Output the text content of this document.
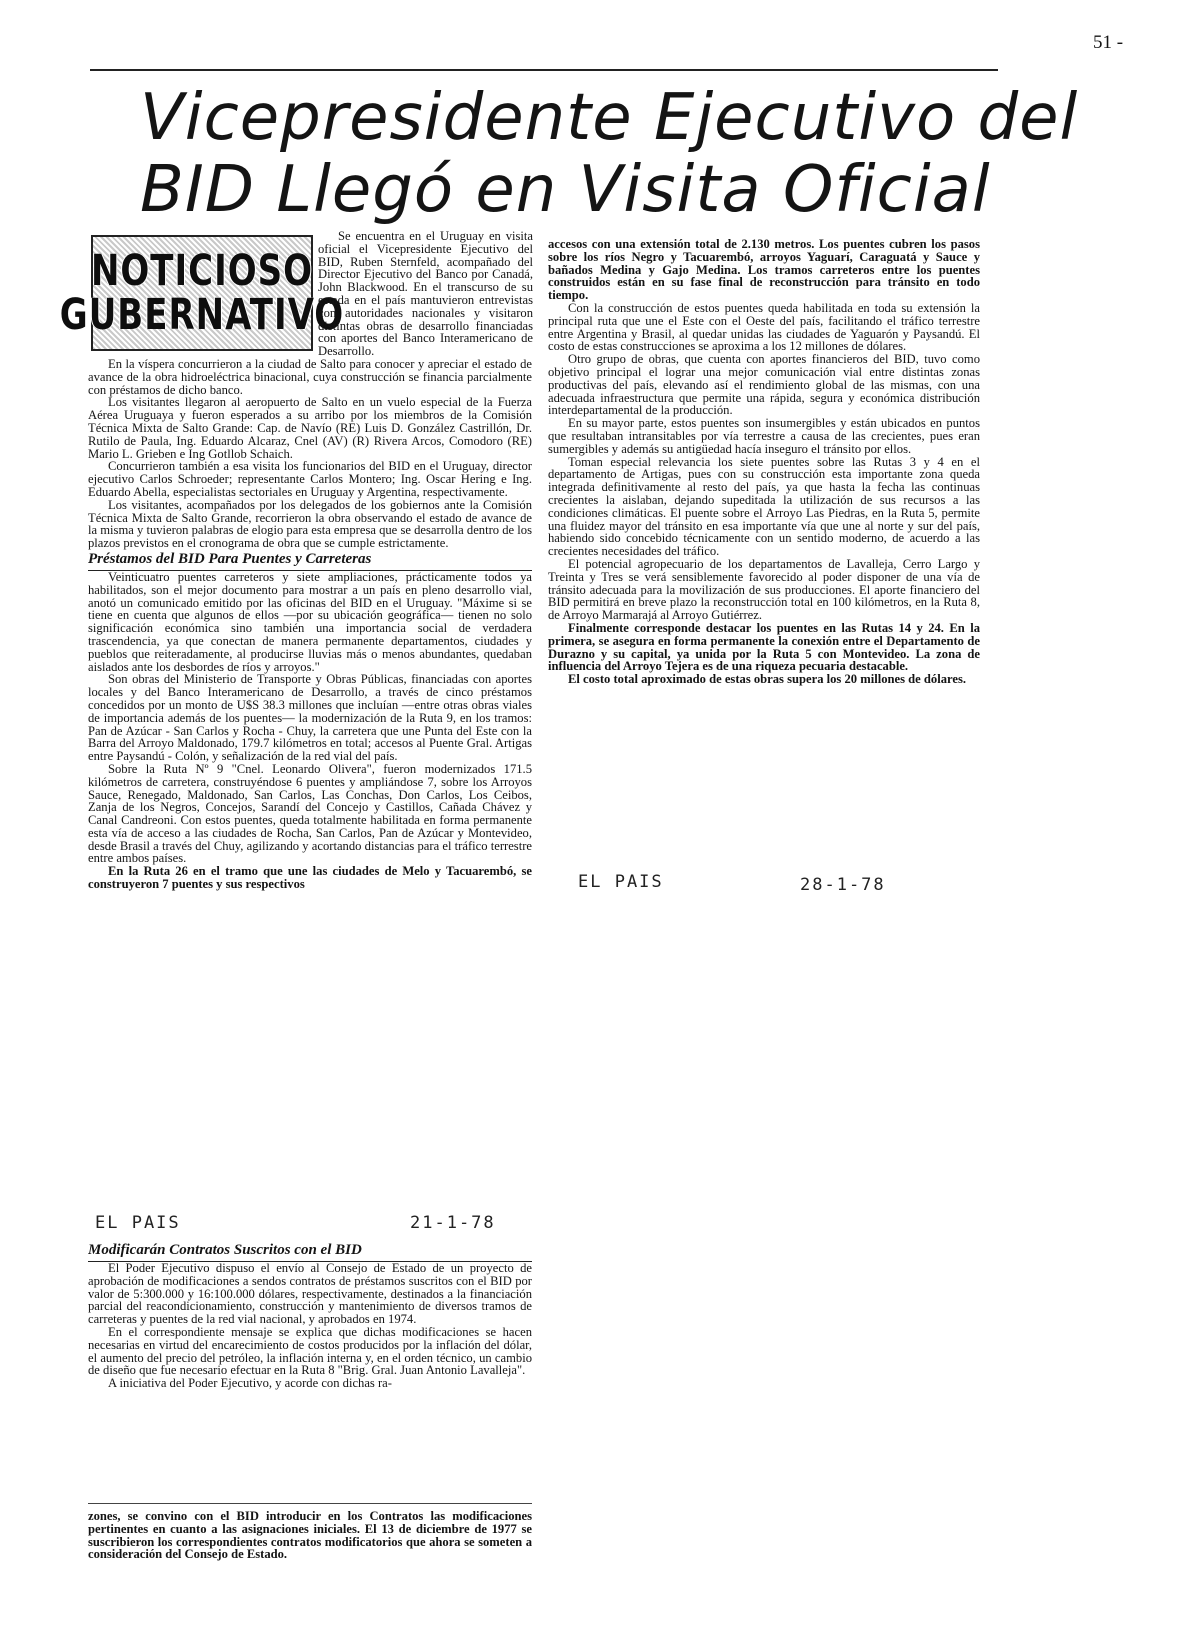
51 -
Vicepresidente Ejecutivo del
BID Llegó en Visita Oficial
NOTICIOSO
GUBERNATIVO

Se encuentra en el Uruguay en visita oficial el Vicepresidente Ejecutivo del BID, Ruben Sternfeld, acompañado del Director Ejecutivo del Banco por Canadá, John Blackwood. En el transcurso de su estada en el país mantuvieron entrevistas con autoridades nacionales y visitaron distintas obras de desarrollo financiadas con aportes del Banco Interamericano de Desarrollo.

En la víspera concurrieron a la ciudad de Salto para conocer y apreciar el estado de avance de la obra hidroeléctrica binacional, cuya construcción se financia parcialmente con préstamos de dicho banco.

Los visitantes llegaron al aeropuerto de Salto en un vuelo especial de la Fuerza Aérea Uruguaya y fueron esperados a su arribo por los miembros de la Comisión Técnica Mixta de Salto Grande: Cap. de Navío (RE) Luis D. González Castrillón, Dr. Rutilo de Paula, Ing. Eduardo Alcaraz, Cnel (AV) (R) Rivera Arcos, Comodoro (RE) Mario L. Grieben e Ing Gotllob Schaich.

Concurrieron también a esa visita los funcionarios del BID en el Uruguay, director ejecutivo Carlos Schroeder; representante Carlos Montero; Ing. Oscar Hering e Ing. Eduardo Abella, especialistas sectoriales en Uruguay y Argentina, respectivamente.

Los visitantes, acompañados por los delegados de los gobiernos ante la Comisión Técnica Mixta de Salto Grande, recorrieron la obra observando el estado de avance de la misma y tuvieron palabras de elogio para esta empresa que se desarrolla dentro de los plazos previstos en el cronograma de obra que se cumple estrictamente.

Préstamos del BID Para Puentes y Carreteras

Veinticuatro puentes carreteros y siete ampliaciones, prácticamente todos ya habilitados, son el mejor documento para mostrar a un país en pleno desarrollo vial, anotó un comunicado emitido por las oficinas del BID en el Uruguay. "Máxime si se tiene en cuenta que algunos de ellos —por su ubicación geográfica— tienen no solo significación económica sino también una importancia social de verdadera trascendencia, ya que conectan de manera permanente departamentos, ciudades y pueblos que reiteradamente, al producirse lluvias más o menos abundantes, quedaban aislados ante los desbordes de ríos y arroyos."

Son obras del Ministerio de Transporte y Obras Públicas, financiadas con aportes locales y del Banco Interamericano de Desarrollo, a través de cinco préstamos concedidos por un monto de U$S 38.3 millones que incluían —entre otras obras viales de importancia además de los puentes— la modernización de la Ruta 9, en los tramos: Pan de Azúcar - San Carlos y Rocha - Chuy, la carretera que une Punta del Este con la Barra del Arroyo Maldonado, 179.7 kilómetros en total; accesos al Puente Gral. Artigas entre Paysandú - Colón, y señalización de la red vial del país.

Sobre la Ruta Nº 9 "Cnel. Leonardo Olivera", fueron modernizados 171.5 kilómetros de carretera, construyéndose 6 puentes y ampliándose 7, sobre los Arroyos Sauce, Renegado, Maldonado, San Carlos, Las Conchas, Don Carlos, Los Ceibos, Zanja de los Negros, Concejos, Sarandí del Concejo y Castillos, Cañada Chávez y Canal Candreoni. Con estos puentes, queda totalmente habilitada en forma permanente esta vía de acceso a las ciudades de Rocha, San Carlos, Pan de Azúcar y Montevideo, desde Brasil a través del Chuy, agilizando y acortando distancias para el tráfico terrestre entre ambos países.

En la Ruta 26 en el tramo que une las ciudades de Melo y Tacuarembó, se construyeron 7 puentes y sus respectivos

accesos con una extensión total de 2.130 metros. Los puentes cubren los pasos sobre los ríos Negro y Tacuarembó, arroyos Yaguarí, Caraguatá y Sauce y bañados Medina y Gajo Medina. Los tramos carreteros entre los puentes construidos están en su fase final de reconstrucción para tránsito en todo tiempo.

Con la construcción de estos puentes queda habilitada en toda su extensión la principal ruta que une el Este con el Oeste del país, facilitando el tráfico terrestre entre Argentina y Brasil, al quedar unidas las ciudades de Yaguarón y Paysandú. El costo de estas construcciones se aproxima a los 12 millones de dólares.

Otro grupo de obras, que cuenta con aportes financieros del BID, tuvo como objetivo principal el lograr una mejor comunicación vial entre distintas zonas productivas del país, elevando así el rendimiento global de las mismas, con una adecuada infraestructura que permite una rápida, segura y económica distribución interdepartamental de la producción.

En su mayor parte, estos puentes son insumergibles y están ubicados en puntos que resultaban intransitables por vía terrestre a causa de las crecientes, pues eran sumergibles y además su antigüedad hacía inseguro el tránsito por ellos.

Toman especial relevancia los siete puentes sobre las Rutas 3 y 4 en el departamento de Artigas, pues con su construcción esta importante zona queda integrada definitivamente al resto del país, ya que hasta la fecha las continuas crecientes la aislaban, dejando supeditada la utilización de sus recursos a las condiciones climáticas. El puente sobre el Arroyo Las Piedras, en la Ruta 5, permite una fluidez mayor del tránsito en esa importante vía que une al norte y sur del país, habiendo sido concebido técnicamente con un sentido moderno, de acuerdo a las crecientes necesidades del tráfico.

El potencial agropecuario de los departamentos de Lavalleja, Cerro Largo y Treinta y Tres se verá sensiblemente favorecido al poder disponer de una vía de tránsito adecuada para la movilización de sus producciones. El aporte financiero del BID permitirá en breve plazo la reconstrucción total en 100 kilómetros, en la Ruta 8, de Arroyo Marmarajá al Arroyo Gutiérrez.

Finalmente corresponde destacar los puentes en las Rutas 14 y 24. En la primera, se asegura en forma permanente la conexión entre el Departamento de Durazno y su capital, ya unida por la Ruta 5 con Montevideo. La zona de influencia del Arroyo Tejera es de una riqueza pecuaria destacable.

El costo total aproximado de estas obras supera los 20 millones de dólares.

EL PAIS	28-1-78
EL PAIS	21-1-78

Modificarán Contratos Suscritos con el BID

El Poder Ejecutivo dispuso el envío al Consejo de Estado de un proyecto de aprobación de modificaciones a sendos contratos de préstamos suscritos con el BID por valor de 5:300.000 y 16:100.000 dólares, respectivamente, destinados a la financiación parcial del reacondicionamiento, construcción y mantenimiento de diversos tramos de carreteras y puentes de la red vial nacional, y aprobados en 1974.

En el correspondiente mensaje se explica que dichas modificaciones se hacen necesarias en virtud del encarecimiento de costos producidos por la inflación del dólar, el aumento del precio del petróleo, la inflación interna y, en el orden técnico, un cambio de diseño que fue necesario efectuar en la Ruta 8 "Brig. Gral. Juan Antonio Lavalleja".

A iniciativa del Poder Ejecutivo, y acorde con dichas ra-

zones, se convino con el BID introducir en los Contratos las modificaciones pertinentes en cuanto a las asignaciones iniciales. El 13 de diciembre de 1977 se suscribieron los correspondientes contratos modificatorios que ahora se someten a consideración del Consejo de Estado.
